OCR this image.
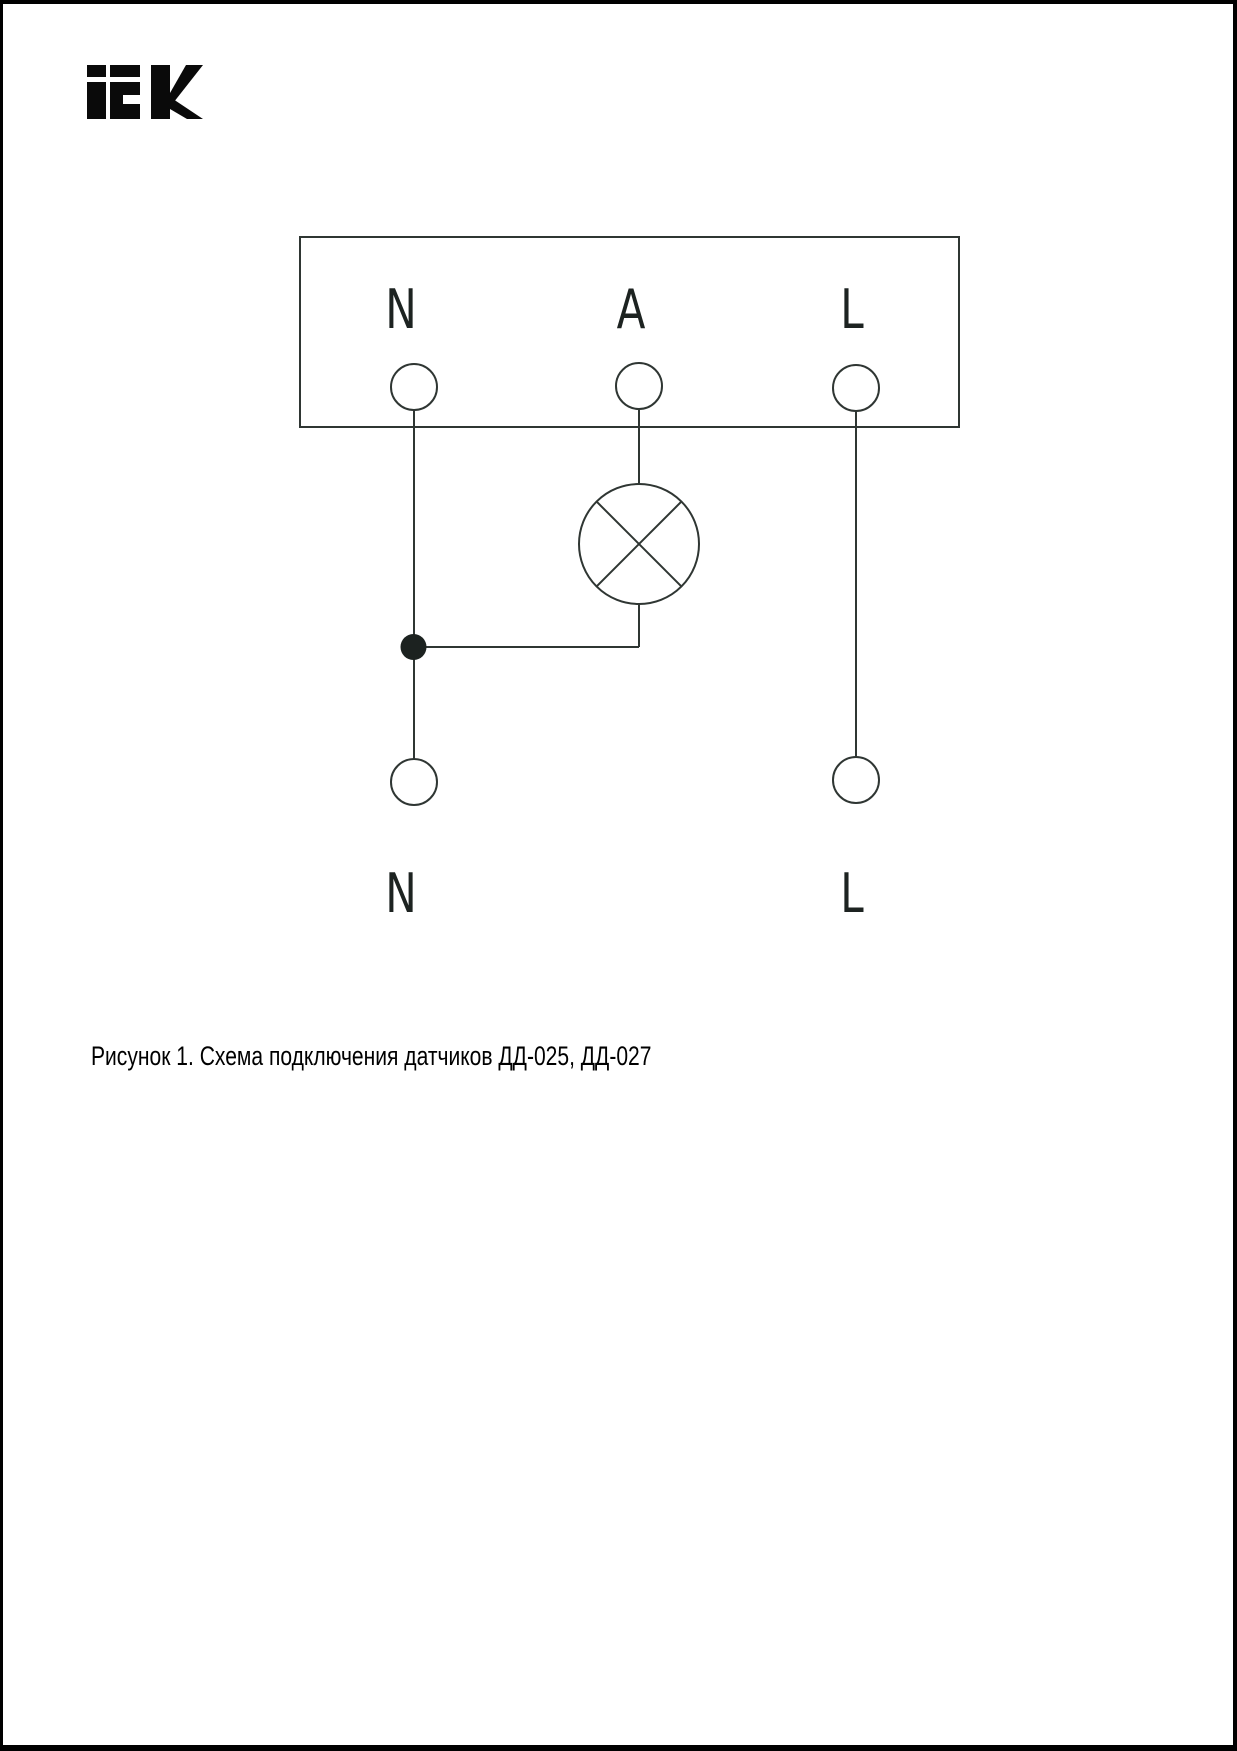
N	A	L
N	L
Рисунок 1. Схема подключения датчиков ДД-025, ДД-027
